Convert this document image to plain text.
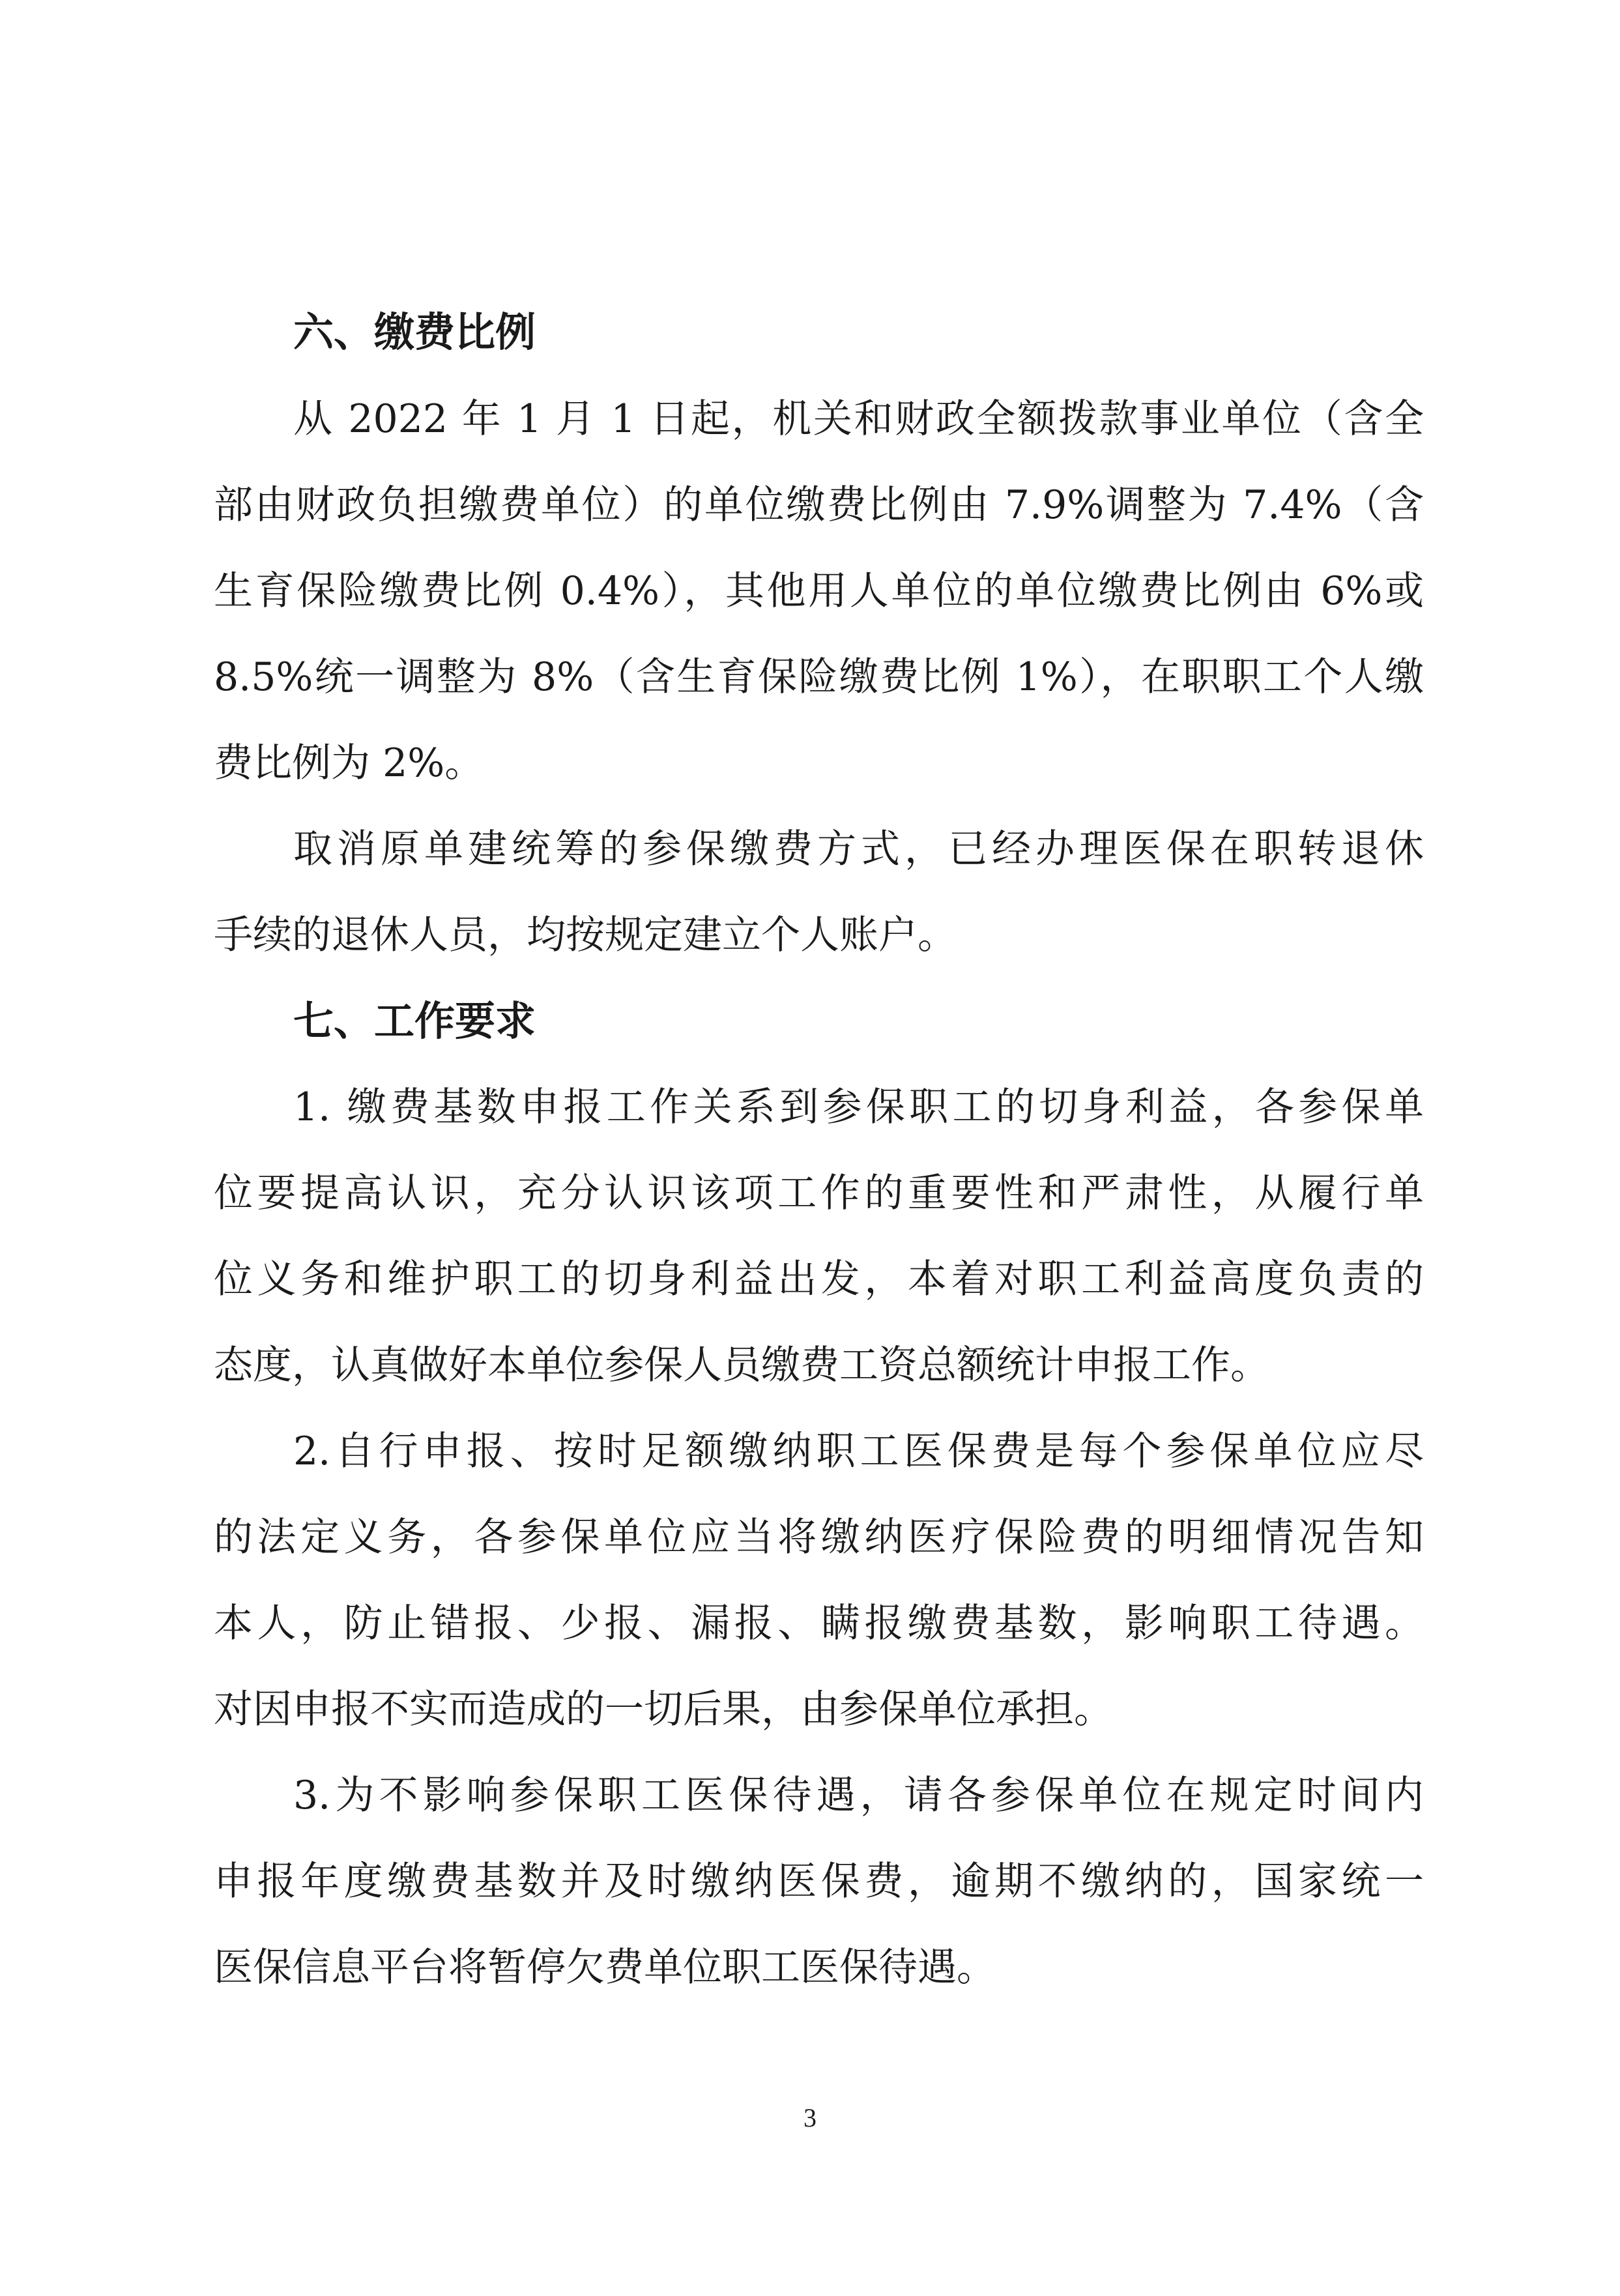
六、缴费比例
从 2022 年 1 月 1 日起，机关和财政全额拨款事业单位（含全
部由财政负担缴费单位）的单位缴费比例由 7.9%调整为 7.4%（含
生育保险缴费比例 0.4%），其他用人单位的单位缴费比例由 6%或
8.5%统一调整为 8%（含生育保险缴费比例 1%），在职职工个人缴
费比例为 2%。
取消原单建统筹的参保缴费方式，已经办理医保在职转退休
手续的退休人员，均按规定建立个人账户。
七、工作要求
1. 缴费基数申报工作关系到参保职工的切身利益，各参保单
位要提高认识，充分认识该项工作的重要性和严肃性，从履行单
位义务和维护职工的切身利益出发，本着对职工利益高度负责的
态度，认真做好本单位参保人员缴费工资总额统计申报工作。
2.自行申报、按时足额缴纳职工医保费是每个参保单位应尽
的法定义务，各参保单位应当将缴纳医疗保险费的明细情况告知
本人，防止错报、少报、漏报、瞒报缴费基数，影响职工待遇。
对因申报不实而造成的一切后果，由参保单位承担。
3.为不影响参保职工医保待遇，请各参保单位在规定时间内
申报年度缴费基数并及时缴纳医保费，逾期不缴纳的，国家统一
医保信息平台将暂停欠费单位职工医保待遇。
3
